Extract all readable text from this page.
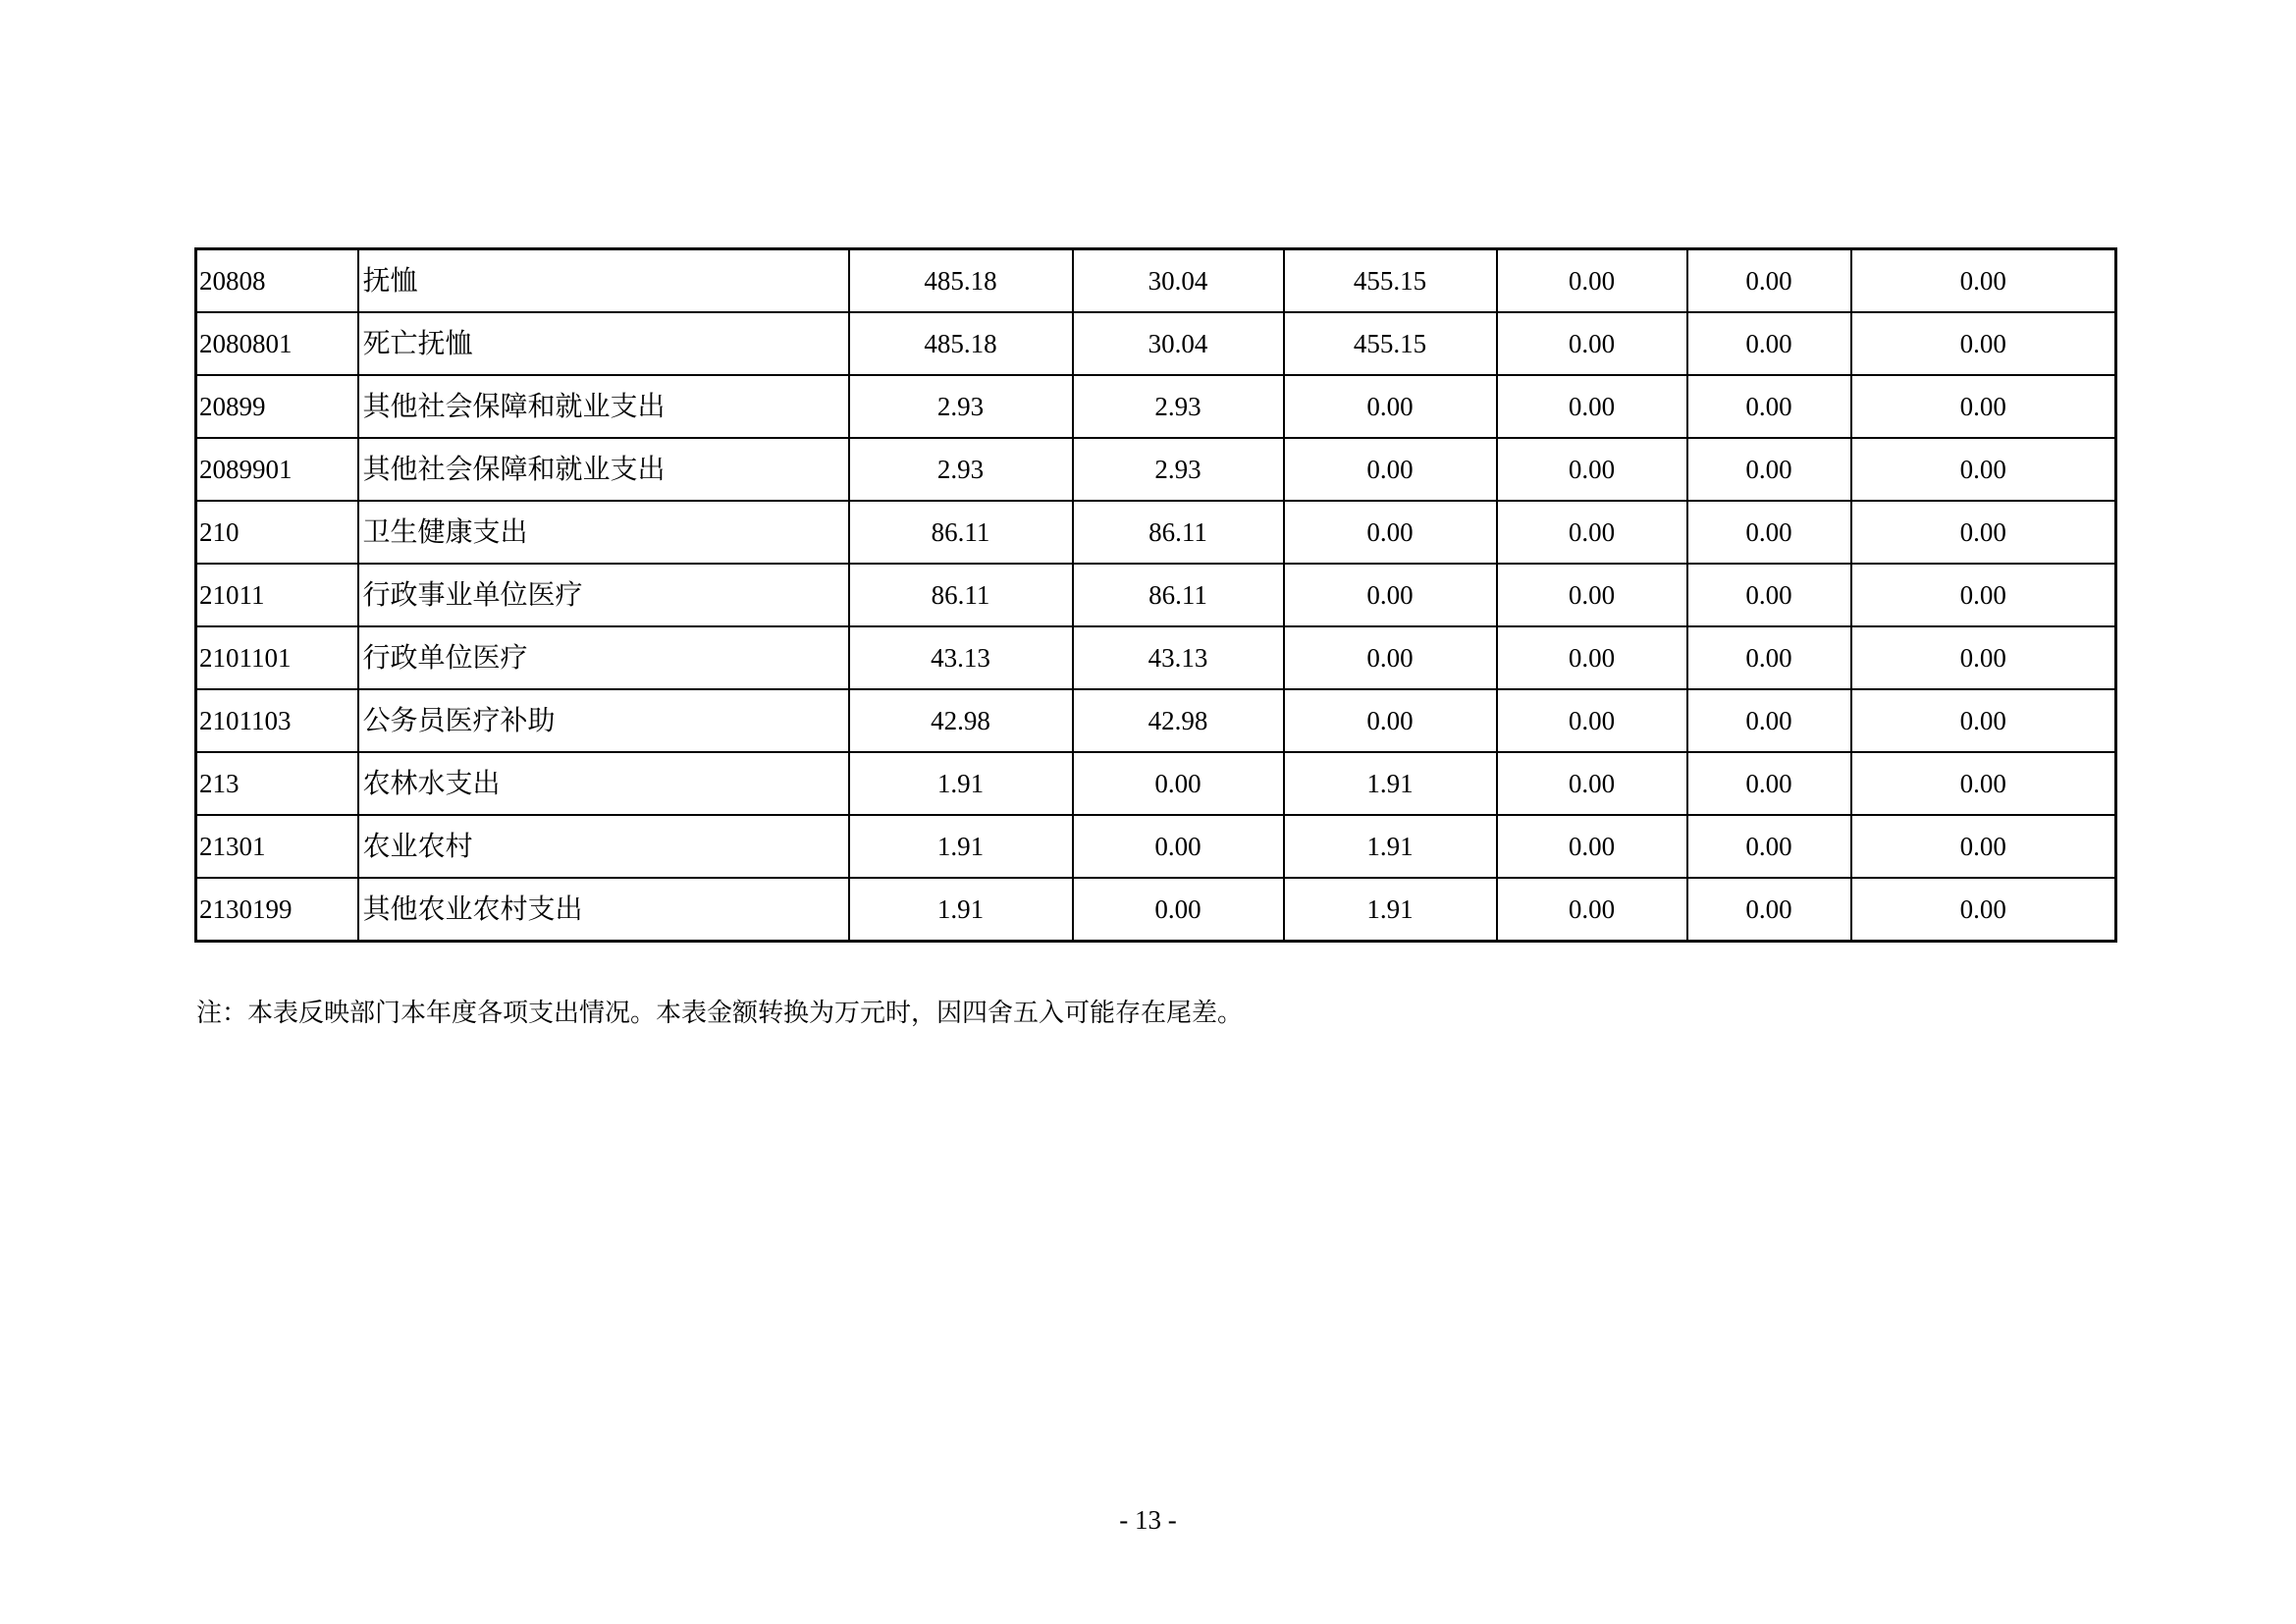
20808	抚恤	485.18	30.04	455.15	0.00	0.00	0.00
2080801	死亡抚恤	485.18	30.04	455.15	0.00	0.00	0.00
20899	其他社会保障和就业支出	2.93	2.93	0.00	0.00	0.00	0.00
2089901	其他社会保障和就业支出	2.93	2.93	0.00	0.00	0.00	0.00
210	卫生健康支出	86.11	86.11	0.00	0.00	0.00	0.00
21011	行政事业单位医疗	86.11	86.11	0.00	0.00	0.00	0.00
2101101	行政单位医疗	43.13	43.13	0.00	0.00	0.00	0.00
2101103	公务员医疗补助	42.98	42.98	0.00	0.00	0.00	0.00
213	农林水支出	1.91	0.00	1.91	0.00	0.00	0.00
21301	农业农村	1.91	0.00	1.91	0.00	0.00	0.00
2130199	其他农业农村支出	1.91	0.00	1.91	0.00	0.00	0.00
注：本表反映部门本年度各项支出情况。本表金额转换为万元时，因四舍五入可能存在尾差。
- 13 -
